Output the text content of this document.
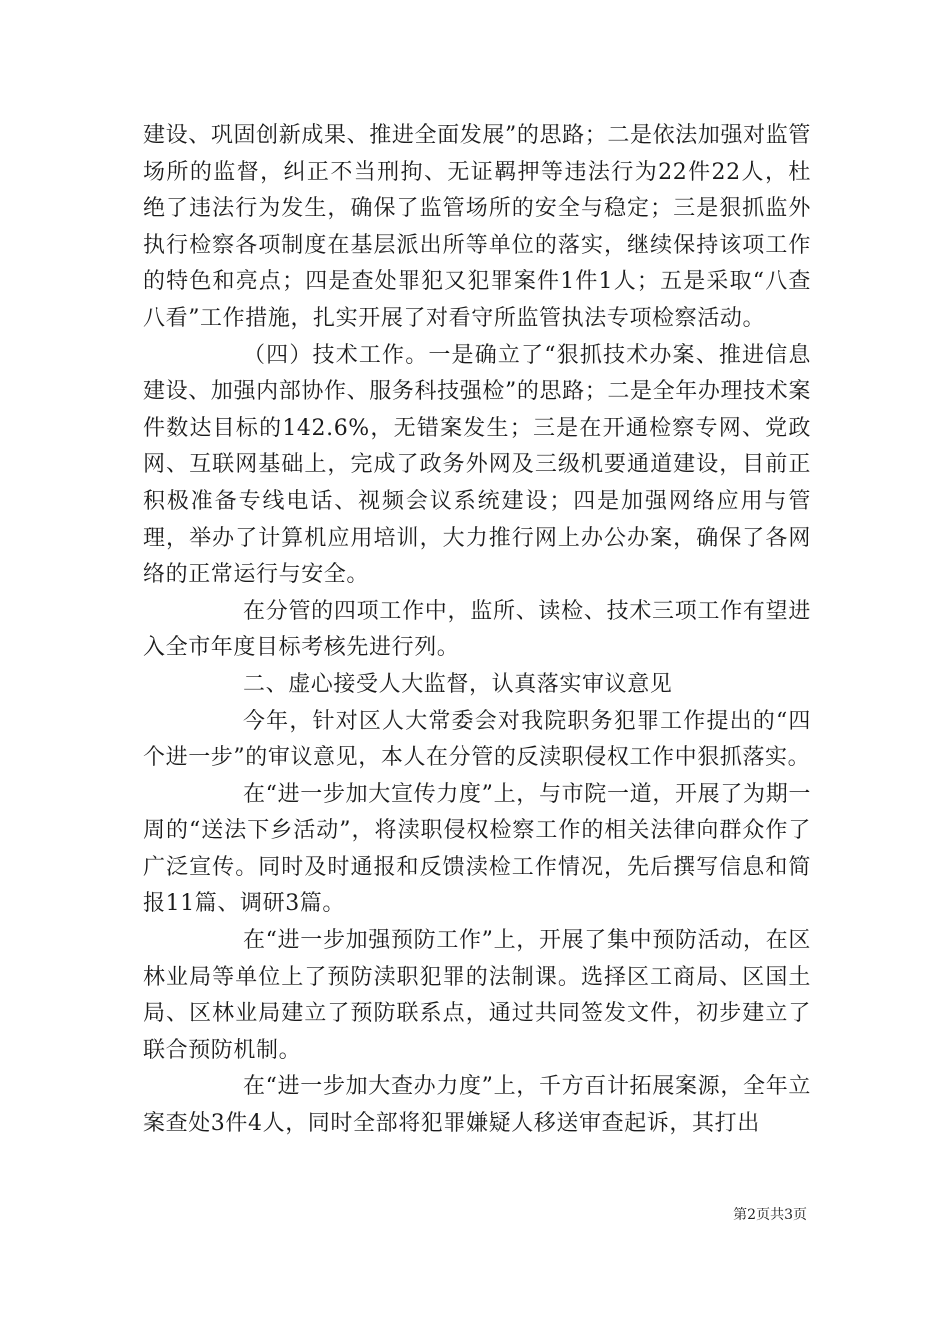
建设、巩固创新成果、推进全面发展”的思路；二是依法加强对监管场所的监督，纠正不当刑拘、无证羁押等违法行为22件22人，杜绝了违法行为发生，确保了监管场所的安全与稳定；三是狠抓监外执行检察各项制度在基层派出所等单位的落实，继续保持该项工作的特色和亮点；四是查处罪犯又犯罪案件1件1人；五是采取“八查八看”工作措施，扎实开展了对看守所监管执法专项检察活动。

（四）技术工作。一是确立了“狠抓技术办案、推进信息建设、加强内部协作、服务科技强检”的思路；二是全年办理技术案件数达目标的142.6%，无错案发生；三是在开通检察专网、党政网、互联网基础上，完成了政务外网及三级机要通道建设，目前正积极准备专线电话、视频会议系统建设；四是加强网络应用与管理，举办了计算机应用培训，大力推行网上办公办案，确保了各网络的正常运行与安全。

在分管的四项工作中，监所、读检、技术三项工作有望进入全市年度目标考核先进行列。

二、虚心接受人大监督，认真落实审议意见

今年，针对区人大常委会对我院职务犯罪工作提出的“四个进一步”的审议意见，本人在分管的反渎职侵权工作中狠抓落实。

在“进一步加大宣传力度”上，与市院一道，开展了为期一周的“送法下乡活动”，将渎职侵权检察工作的相关法律向群众作了广泛宣传。同时及时通报和反馈渎检工作情况，先后撰写信息和简报11篇、调研3篇。

在“进一步加强预防工作”上，开展了集中预防活动，在区林业局等单位上了预防渎职犯罪的法制课。选择区工商局、区国土局、区林业局建立了预防联系点，通过共同签发文件，初步建立了联合预防机制。

在“进一步加大查办力度”上，千方百计拓展案源，全年立案查处3件4人，同时全部将犯罪嫌疑人移送审查起诉，其打出

第2页共3页
